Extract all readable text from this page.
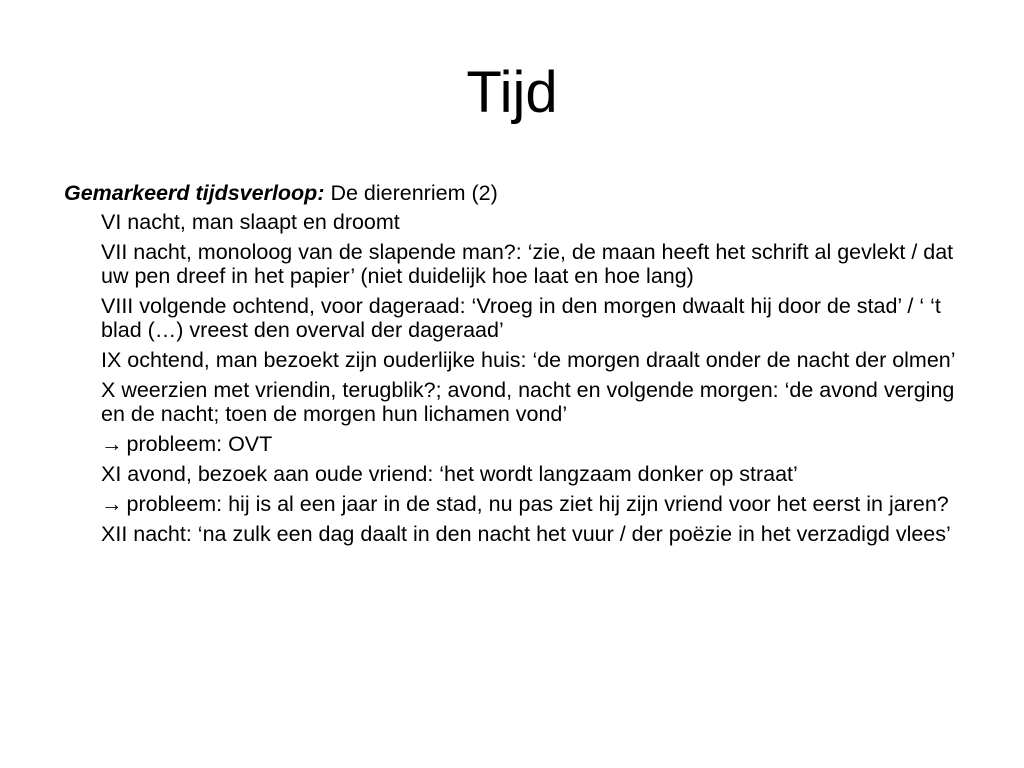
Tijd
Gemarkeerd tijdsverloop: De dierenriem (2)
VI nacht, man slaapt en droomt
VII nacht, monoloog van de slapende man?: ‘zie, de maan heeft het schrift al gevlekt / dat uw pen dreef in het papier’ (niet duidelijk hoe laat en hoe lang)
VIII volgende ochtend, voor dageraad: ‘Vroeg in den morgen dwaalt hij door de stad’ / ‘ ‘t blad (…) vreest den overval der dageraad’
IX ochtend, man bezoekt zijn ouderlijke huis: ‘de morgen draalt onder de nacht der olmen’
X weerzien met vriendin, terugblik?; avond, nacht en volgende morgen: ‘de avond verging en de nacht; toen de morgen hun lichamen vond’
→ probleem: OVT
XI avond, bezoek aan oude vriend: ‘het wordt langzaam donker op straat’
→ probleem: hij is al een jaar in de stad, nu pas ziet hij zijn vriend voor het eerst in jaren?
XII nacht: ‘na zulk een dag daalt in den nacht het vuur / der poëzie in het verzadigd vlees’
